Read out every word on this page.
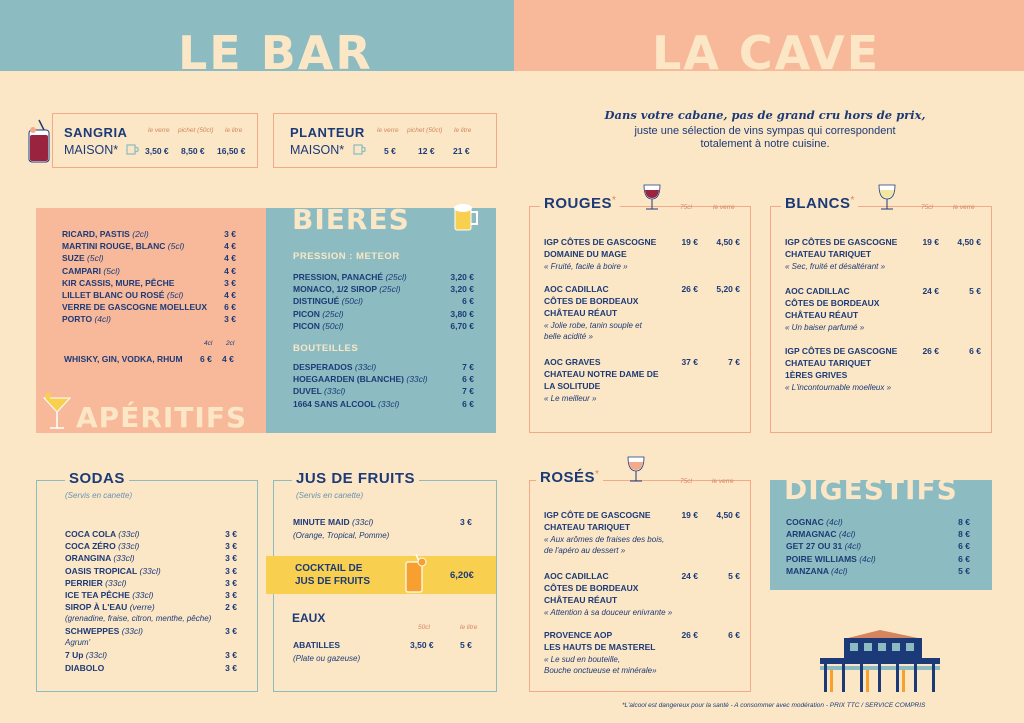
LE BAR	LA CAVE
Dans votre cabane, pas de grand cru hors de prix,
juste une sélection de vins sympas qui correspondent
totalement à notre cuisine.
SANGRIA
MAISON*
le verre pichet (50cl) le litre
3,50 € 8,50 € 16,50 €
PLANTEUR
MAISON*
le verre pichet (50cl) le litre
5 €	12 € 21 €
RICARD, PASTIS (2cl)	3 €
MARTINI ROUGE, BLANC (5cl)	4 €
SUZE (5cl)	4 €
CAMPARI (5cl)	4 €
KIR CASSIS, MURE, PÊCHE	3 €
LILLET BLANC OU ROSÉ (5cl)	4 €
VERRE DE GASCOGNE MOELLEUX	6 €
PORTO (4cl)	3 €
4cl 2cl
WHISKY, GIN, VODKA, RHUM 6 € 4 €
APÉRITIFS
BIERES
PRESSION : METEOR
PRESSION, PANACHÉ (25cl)	3,20 €
MONACO, 1/2 SIROP (25cl)	3,20 €
DISTINGUÉ (50cl)	6 €
PICON (25cl)	3,80 €
PICON (50cl)	6,70 €
BOUTEILLES
DESPERADOS (33cl)	7 €
HOEGAARDEN (BLANCHE) (33cl)	6 €
DUVEL (33cl)	7 €
1664 SANS ALCOOL (33cl)	6 €
SODAS
(Servis en canette)
COCA COLA (33cl)	3 €
COCA ZÉRO (33cl)	3 €
ORANGINA (33cl)	3 €
OASIS TROPICAL (33cl)	3 €
PERRIER (33cl)	3 €
ICE TEA PÊCHE (33cl)	3 €
SIROP À L'EAU (verre)	2 €
(grenadine, fraise, citron, menthe, pêche)
SCHWEPPES (33cl)	3 €
Agrum'
7 Up (33cl)	3 €
DIABOLO	3 €
JUS DE FRUITS
(Servis en canette)
MINUTE MAID (33cl)	3 €
(Orange, Tropical, Pomme)
EAUX
50cl	le litre
ABATILLES	3,50 €	5 €
(Plate ou gazeuse)
COCKTAIL DE
JUS DE FRUITS
6,20€
ROUGES*
75cl	le verre
IGP CÔTES DE GASCOGNE
DOMAINE DU MAGE
« Fruité, facile à boire »
19 €	4,50 €
AOC CADILLAC
CÔTES DE BORDEAUX
CHÂTEAU RÉAUT
« Jolie robe, tanin souple et
belle acidité »
26 €	5,20 €
AOC GRAVES
CHATEAU NOTRE DAME DE
LA SOLITUDE
« Le meilleur »
37 €	7 €
BLANCS*
75cl	le verre
IGP CÔTES DE GASCOGNE
CHATEAU TARIQUET
« Sec, fruité et désaltérant »
19 €	4,50 €
AOC CADILLAC
CÔTES DE BORDEAUX
CHÂTEAU RÉAUT
« Un baiser parfumé »
24 €	5 €
IGP CÔTES DE GASCOGNE
CHATEAU TARIQUET
1ÈRES GRIVES
« L'incontournable moelleux »
26 €	6 €
ROSÉS*
75cl	le verre
IGP CÔTE DE GASCOGNE
CHATEAU TARIQUET
« Aux arômes de fraises des bois,
de l'apéro au dessert »
19 €	4,50 €
AOC CADILLAC
CÔTES DE BORDEAUX
CHÂTEAU RÉAUT
« Attention à sa douceur enivrante »
24 €	5 €
PROVENCE AOP
LES HAUTS DE MASTEREL
« Le sud en bouteille,
Bouche onctueuse et minérale»
26 €	6 €
DIGESTIFS
COGNAC (4cl)	8 €
ARMAGNAC (4cl)	8 €
GET 27 OU 31 (4cl)	6 €
POIRE WILLIAMS (4cl)	6 €
MANZANA (4cl)	5 €
*L'alcool est dangereux pour la santé - A consommer avec modération - PRIX TTC / SERVICE COMPRIS
